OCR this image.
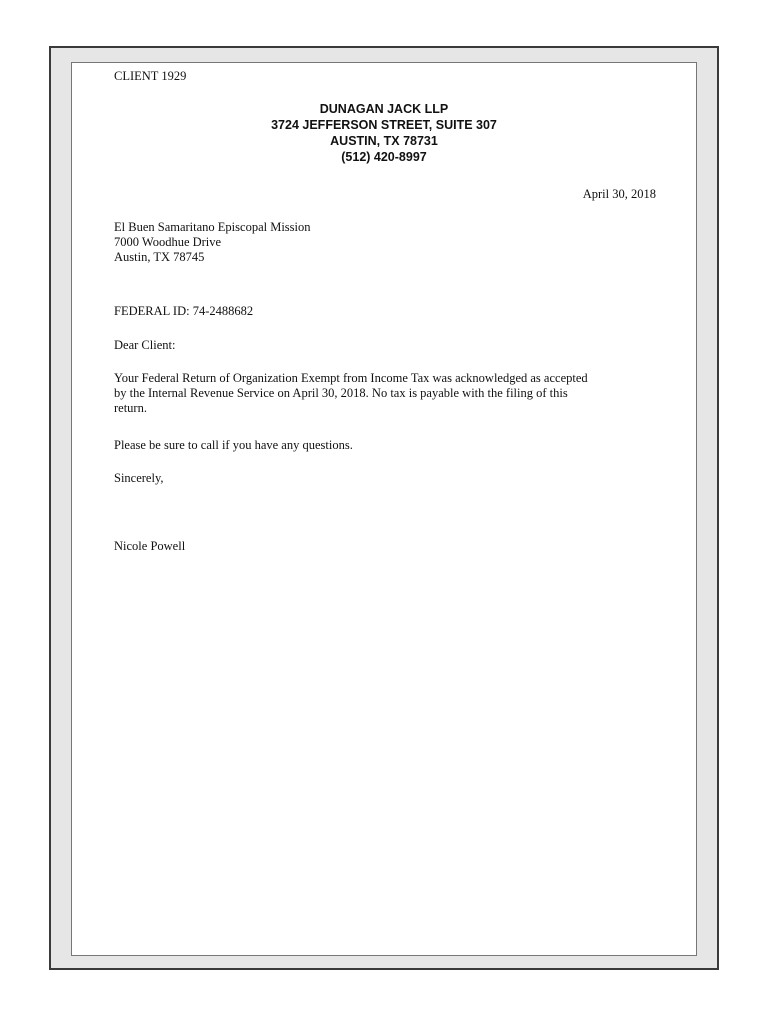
CLIENT 1929
DUNAGAN JACK LLP
3724 JEFFERSON STREET, SUITE 307
AUSTIN, TX 78731
(512) 420-8997
April 30, 2018
El Buen Samaritano Episcopal Mission
7000 Woodhue Drive
Austin, TX 78745
FEDERAL ID: 74-2488682
Dear Client:
Your Federal Return of Organization Exempt from Income Tax was acknowledged as accepted
by the Internal Revenue Service on April 30, 2018. No tax is payable with the filing of this
return.
Please be sure to call if you have any questions.
Sincerely,
Nicole Powell
